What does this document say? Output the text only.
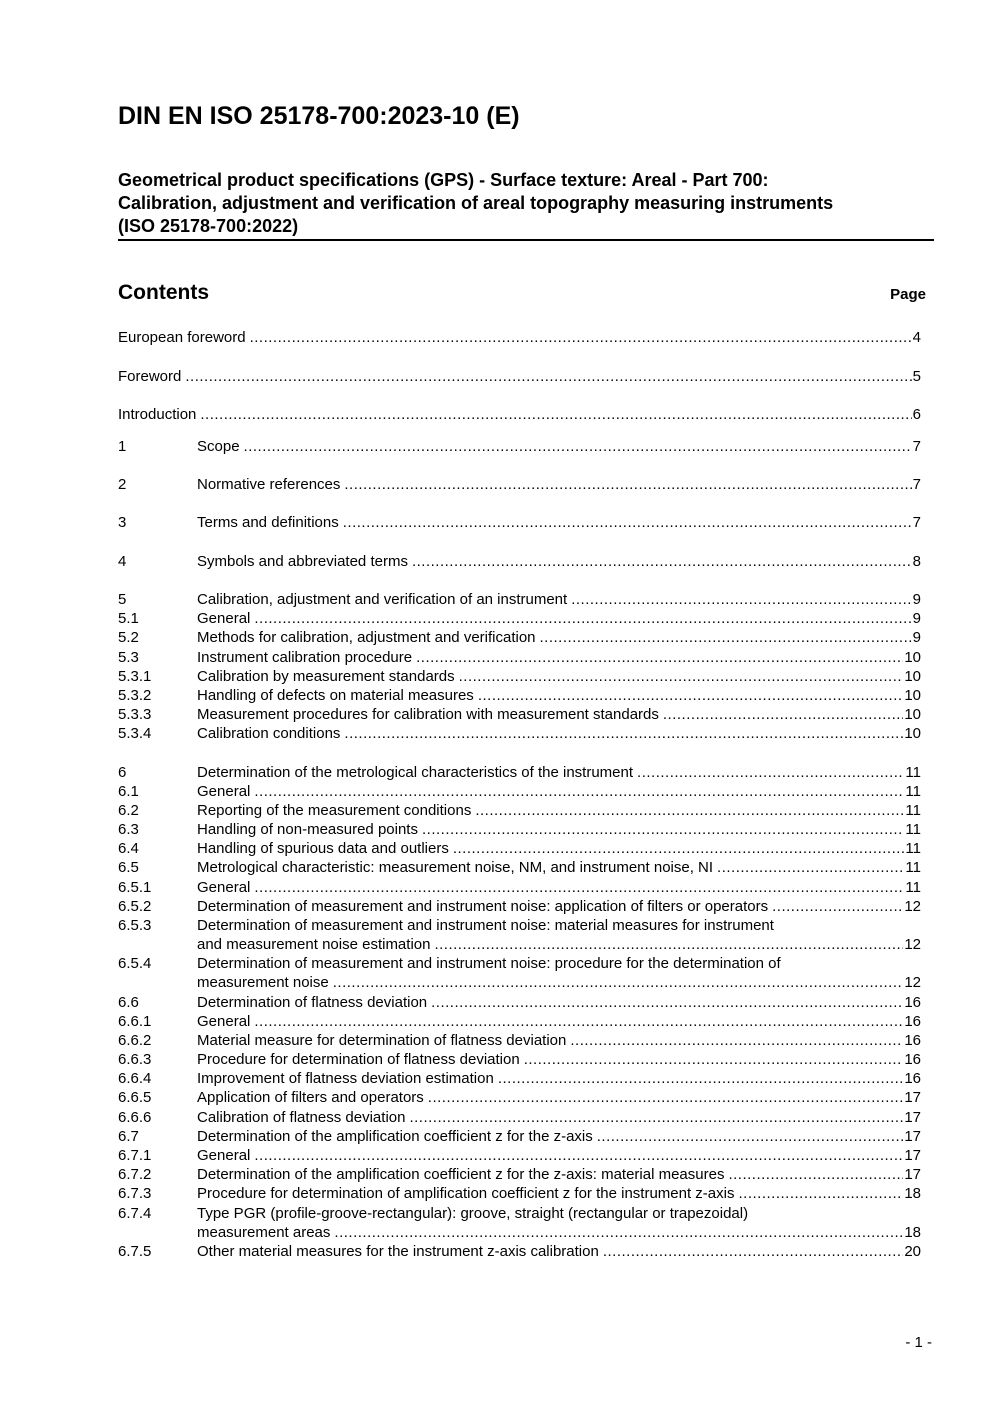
DIN EN ISO 25178-700:2023-10 (E)
Geometrical product specifications (GPS) - Surface texture: Areal - Part 700:
Calibration, adjustment and verification of areal topography measuring instruments
(ISO 25178-700:2022)
Contents	Page
European foreword .....	4
Foreword .....	5
Introduction .....	6
1	Scope .....	7
2	Normative references .....	7
3	Terms and definitions .....	7
4	Symbols and abbreviated terms .....	8
5	Calibration, adjustment and verification of an instrument .....	9
5.1	General .....	9
5.2	Methods for calibration, adjustment and verification .....	9
5.3	Instrument calibration procedure .....	10
5.3.1	Calibration by measurement standards .....	10
5.3.2	Handling of defects on material measures .....	10
5.3.3	Measurement procedures for calibration with measurement standards .....	10
5.3.4	Calibration conditions .....	10
6	Determination of the metrological characteristics of the instrument .....	11
6.1	General .....	11
6.2	Reporting of the measurement conditions .....	11
6.3	Handling of non-measured points .....	11
6.4	Handling of spurious data and outliers .....	11
6.5	Metrological characteristic: measurement noise, NM, and instrument noise, NI .....	11
6.5.1	General .....	11
6.5.2	Determination of measurement and instrument noise: application of filters or operators .....	12
6.5.3	Determination of measurement and instrument noise: material measures for instrument
and measurement noise estimation .....	12
6.5.4	Determination of measurement and instrument noise: procedure for the determination of
measurement noise .....	12
6.6	Determination of flatness deviation .....	16
6.6.1	General .....	16
6.6.2	Material measure for determination of flatness deviation .....	16
6.6.3	Procedure for determination of flatness deviation .....	16
6.6.4	Improvement of flatness deviation estimation .....	16
6.6.5	Application of filters and operators .....	17
6.6.6	Calibration of flatness deviation .....	17
6.7	Determination of the amplification coefficient z for the z-axis .....	17
6.7.1	General .....	17
6.7.2	Determination of the amplification coefficient z for the z-axis: material measures .....	17
6.7.3	Procedure for determination of amplification coefficient z for the instrument z-axis .....	18
6.7.4	Type PGR (profile-groove-rectangular): groove, straight (rectangular or trapezoidal)
measurement areas .....	18
6.7.5	Other material measures for the instrument z-axis calibration .....	20
- 1 -
